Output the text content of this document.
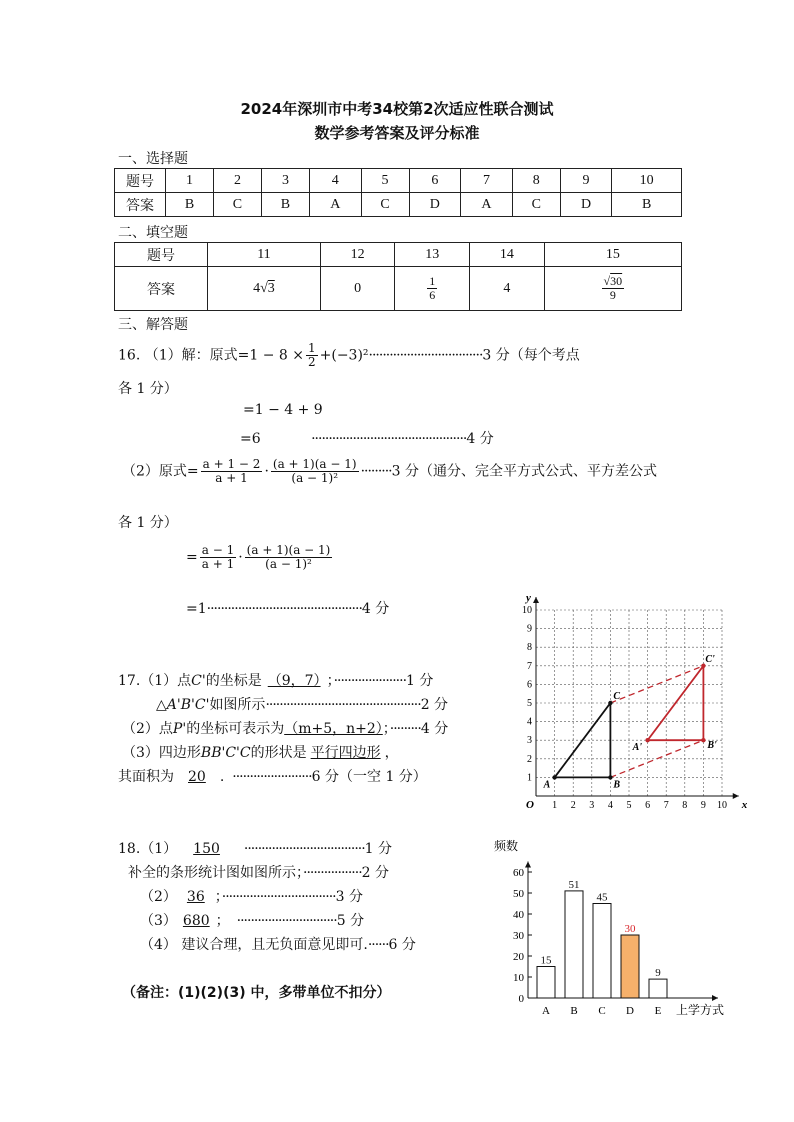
2024年深圳市中考34校第2次适应性联合测试
数学参考答案及评分标准
一、选择题
题号	1	2	3	4	5	6	7	8	9	10
答案	B	C	B	A	C	D	A	C	D	B
二、填空题
题号	11	12	13	14	15
答案	4√3	0	$\frac{1}{6}$	4	$\frac{√30}{9}$
三、解答题
16. （1）解：原式$=1 - 8 \times \frac{1}{2} +(-3)^2\cdot\cdot\cdot\cdot\cdot\cdot\cdot\cdot\cdot\cdot\cdot\cdot\cdot\cdot\cdot\cdot\cdot\cdot\cdot\cdot\cdot\cdot\cdot\cdot\cdot\cdot\cdot\cdot\cdot\cdot\cdot\cdot\cdot 3$ 分（每个考点
各 1 分）
=1 − 4 + 9
=6	·············································4 分
（2）原式= $\frac{a + 1 - 2}{a + 1} \cdot \frac{(a + 1)(a - 1)}{\text{(a − 1)²}} \cdot\cdot\cdot\cdot\cdot\cdot\cdot\cdot\cdot 3$ 分（通分、完全平方式公式、平方差公式
各 1 分）
= $\frac{a - 1}{a + 1} \cdot \frac{(a + 1)(a - 1)}{\text{(a − 1)²}}$
=1·············································4 分
17.（1）点C'的坐标是 （9，7） ；·····················1 分
△A'B'C'如图所示·············································2 分
（2）点P'的坐标可表示为（m+5，n+2）；·········4 分
（3）四边形BB'C'C的形状是 平行四边形 ，
其面积为 20 . ·······················6 分（一空 1 分）
1 2 3 4 5 6 7 8 9 10
1
2
3
4
5
6
7
8
9
10
O	x
y
A	B
C
A'	B'
C'
18.（1） 150 ···································1 分
补全的条形统计图如图所示；·················2 分
（2） 36 ；·································3 分
（3） 680 ； ·····························5 分
（4） 建议合理，且无负面意见即可.······6 分
（备注：(1)(2)(3) 中，多带单位不扣分）	0
10
20
30
40
50
60
频数
上学方式
15
A
51
B
45
C
30
D
9
E
